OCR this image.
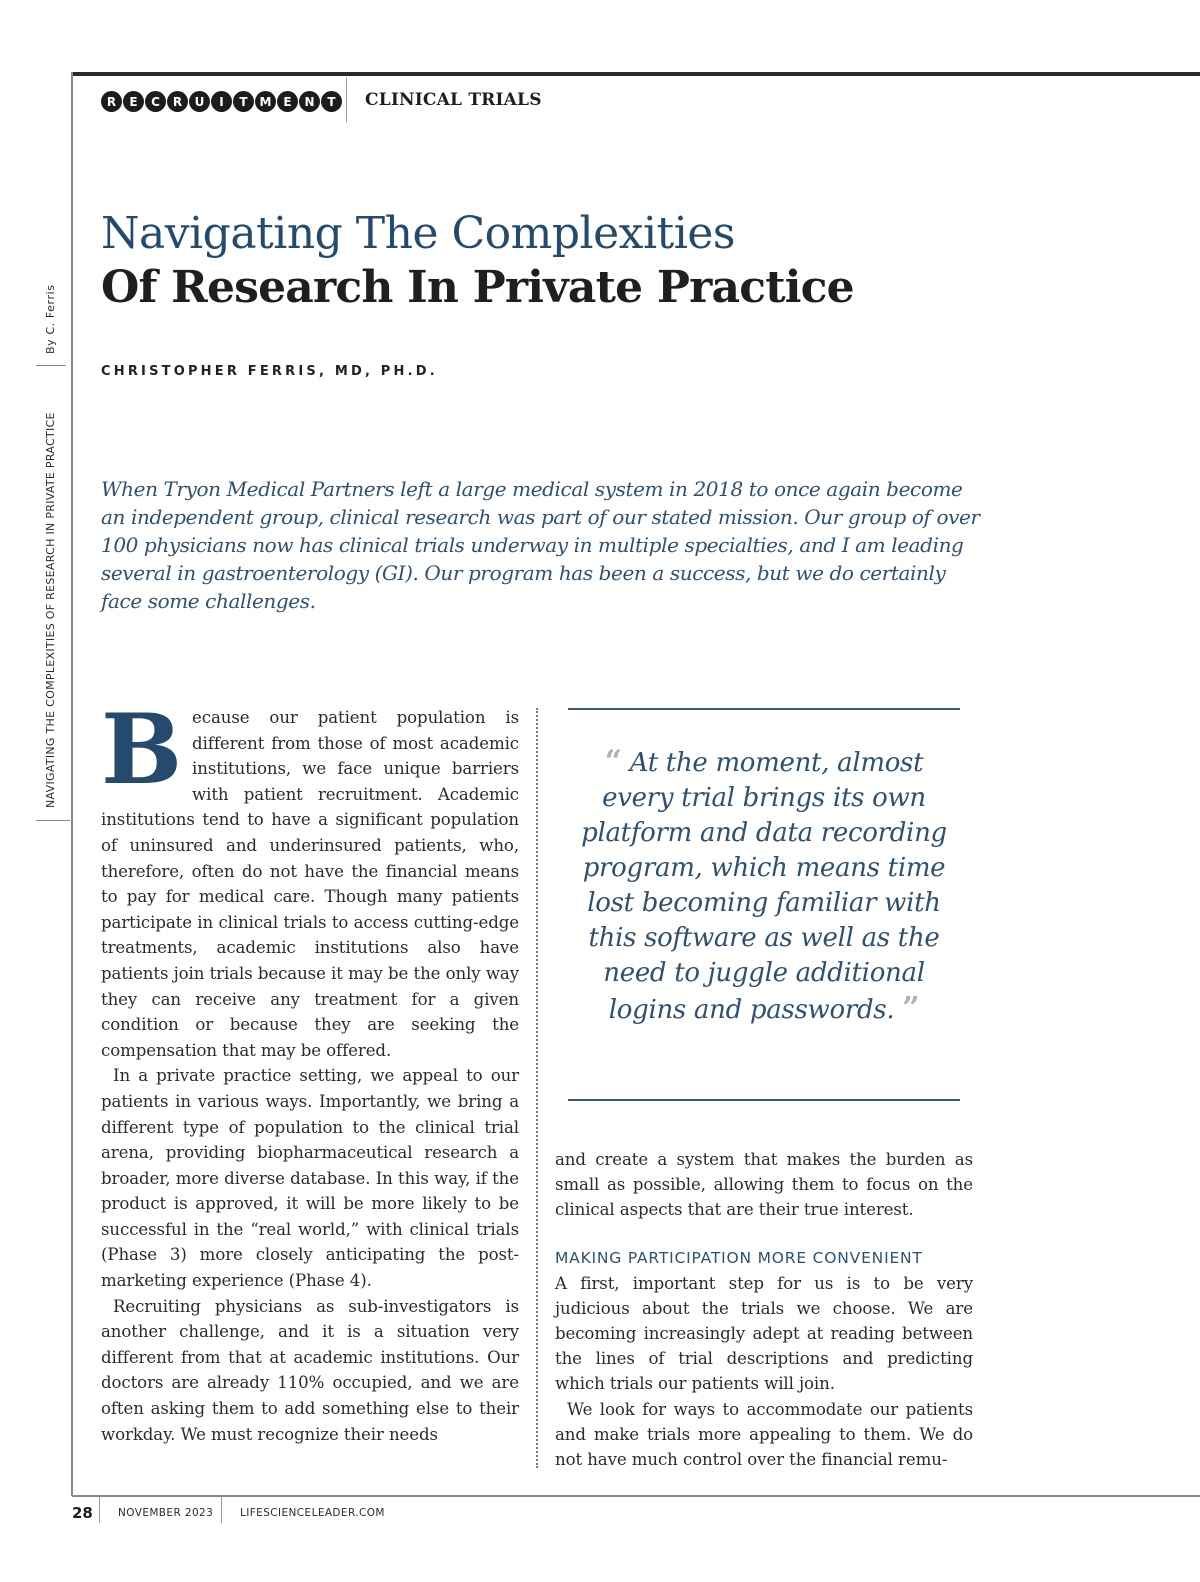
R	E	C	R	U	I	T M E	N	T	CLINICAL TRIALS
By C. Ferris
NAVIGATING THE COMPLEXITIES OF RESEARCH IN PRIVATE PRACTICE
Navigating The Complexities
Of Research In Private Practice
CHRISTOPHER FERRIS, MD, PH.D.
When Tryon Medical Partners left a large medical system in 2018 to once again become an independent group, clinical research was part of our stated mission. Our group of over 100 physicians now has clinical trials underway in multiple specialties, and I am leading several in gastroenterology (GI). Our program has been a success, but we do certainly face some challenges.

Because our patient population is different from those of most academic institutions, we face unique barriers with patient recruitment. Academic institutions tend to have a significant population of uninsured and underinsured patients, who, therefore, often do not have the financial means to pay for medical care. Though many patients participate in clinical trials to access cutting-edge treatments, academic institutions also have patients join trials because it may be the only way they can receive any treatment for a given condition or because they are seeking the compensation that may be offered.

In a private practice setting, we appeal to our patients in various ways. Importantly, we bring a different type of population to the clinical trial arena, providing biopharmaceutical research a broader, more diverse database. In this way, if the product is approved, it will be more likely to be successful in the “real world,” with clinical trials (Phase 3) more closely anticipating the post-marketing experience (Phase 4).

Recruiting physicians as sub-investigators is another challenge, and it is a situation very different from that at academic institutions. Our doctors are already 110% occupied, and we are often asking them to add something else to their workday. We must recognize their needs

“ At the moment, almost every trial brings its own platform and data recording program, which means time lost becoming familiar with this software as well as the need to juggle additional logins and passwords. ”

and create a system that makes the burden as small as possible, allowing them to focus on the clinical aspects that are their true interest.

MAKING PARTICIPATION MORE CONVENIENT

A first, important step for us is to be very judicious about the trials we choose. We are becoming increasingly adept at reading between the lines of trial descriptions and predicting which trials our patients will join.

We look for ways to accommodate our patients and make trials more appealing to them. We do not have much control over the financial remu-

28 NOVEMBER 2023	LIFESCIENCELEADER.COM
